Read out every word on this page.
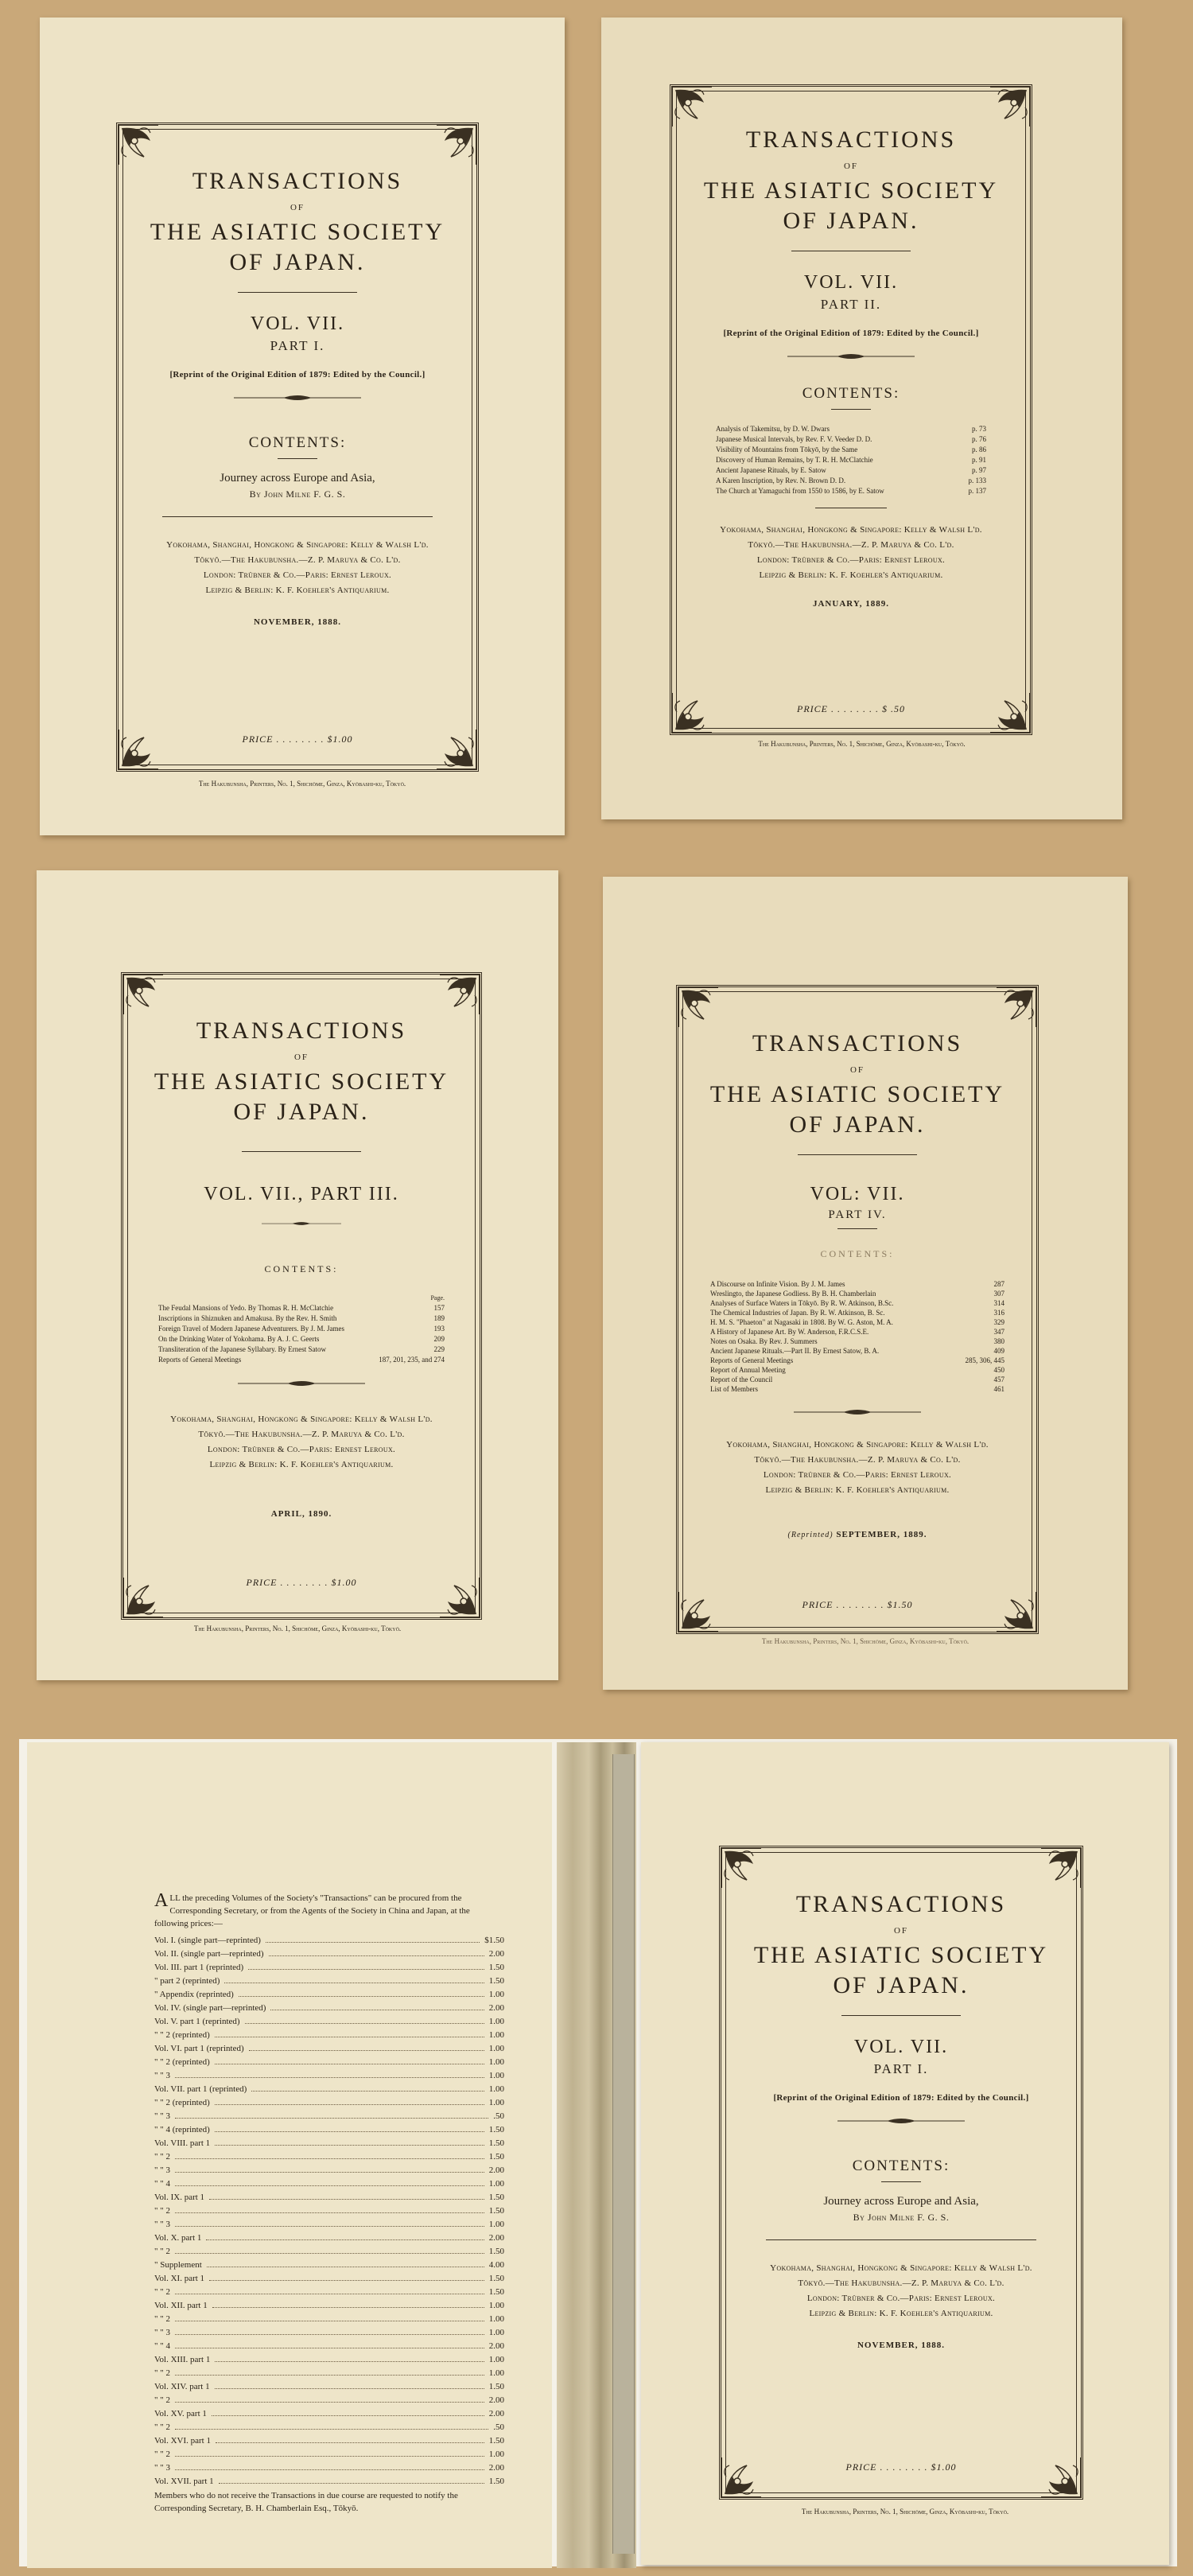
TRANSACTIONS
OF
THE ASIATIC SOCIETY
OF JAPAN.
VOL. VII.
PART I.
[Reprint of the Original Edition of 1879: Edited by the Council.]
CONTENTS:
Journey across Europe and Asia,
By John Milne F. G. S.
Yokohama, Shanghai, Hongkong & Singapore: Kelly & Walsh L'd.
Tōkyō.—The Hakubunsha.—Z. P. Maruya & Co. L'd.
London: Trübner & Co.—Paris: Ernest Leroux.
Leipzig & Berlin: K. F. Koehler's Antiquarium.
NOVEMBER, 1888.
PRICE . . . . . . . . $1.00
The Hakubunsha, Printers, No. 1, Shichōme, Ginza, Kyōbashi-ku, Tōkyō.
TRANSACTIONS
OF
THE ASIATIC SOCIETY
OF JAPAN.
VOL. VII.
PART II.
[Reprint of the Original Edition of 1879: Edited by the Council.]
CONTENTS:
Analysis of Takemitsu, by D. W. Dwars	p. 73
Japanese Musical Intervals, by Rev. F. V. Veeder D. D.	p. 76
Visibility of Mountains from Tōkyō, by the Same	p. 86
Discovery of Human Remains, by T. R. H. McClatchie	p. 91
Ancient Japanese Rituals, by E. Satow	p. 97
A Karen Inscription, by Rev. N. Brown D. D.	p. 133
The Church at Yamaguchi from 1550 to 1586, by E. Satow	p. 137
Yokohama, Shanghai, Hongkong & Singapore: Kelly & Walsh L'd.
Tōkyō.—The Hakubunsha.—Z. P. Maruya & Co. L'd.
London: Trübner & Co.—Paris: Ernest Leroux.
Leipzig & Berlin: K. F. Koehler's Antiquarium.
JANUARY, 1889.
PRICE . . . . . . . . $ .50
The Hakubunsha, Printers, No. 1, Shichōme, Ginza, Kyōbashi-ku, Tōkyō.
TRANSACTIONS
OF
THE ASIATIC SOCIETY
OF JAPAN.
VOL. VII., PART III.
CONTENTS:
Page.
The Feudal Mansions of Yedo. By Thomas R. H. McClatchie	157
Inscriptions in Shiznuken and Amakusa. By the Rev. H. Smith	189
Foreign Travel of Modern Japanese Adventurers. By J. M. James	193
On the Drinking Water of Yokohama. By A. J. C. Geerts	209
Transliteration of the Japanese Syllabary. By Ernest Satow	229
Reports of General Meetings	187, 201, 235, and 274
Yokohama, Shanghai, Hongkong & Singapore: Kelly & Walsh L'd.
Tōkyō.—The Hakubunsha.—Z. P. Maruya & Co. L'd.
London: Trübner & Co.—Paris: Ernest Leroux.
Leipzig & Berlin: K. F. Koehler's Antiquarium.
APRIL, 1890.
PRICE . . . . . . . . $1.00
The Hakubunsha, Printers, No. 1, Shichōme, Ginza, Kyōbashi-ku, Tōkyō.
TRANSACTIONS
OF
THE ASIATIC SOCIETY
OF JAPAN.
VOL: VII.
PART IV.
CONTENTS:
A Discourse on Infinite Vision. By J. M. James	287
Wreslingto, the Japanese Godliess. By B. H. Chamberlain	307
Analyses of Surface Waters in Tōkyō. By R. W. Atkinson, B.Sc.	314
The Chemical Industries of Japan. By R. W. Atkinson, B. Sc.	316
H. M. S. "Phaeton" at Nagasaki in 1808. By W. G. Aston, M. A.	329
A History of Japanese Art. By W. Anderson, F.R.C.S.E.	347
Notes on Osaka. By Rev. J. Summers	380
Ancient Japanese Rituals.—Part II. By Ernest Satow, B. A.	409
Reports of General Meetings	285, 306, 445
Report of Annual Meeting	450
Report of the Council	457
List of Members	461
Yokohama, Shanghai, Hongkong & Singapore: Kelly & Walsh L'd.
Tōkyō.—The Hakubunsha.—Z. P. Maruya & Co. L'd.
London: Trübner & Co.—Paris: Ernest Leroux.
Leipzig & Berlin: K. F. Koehler's Antiquarium.
(Reprinted) SEPTEMBER, 1889.
PRICE . . . . . . . . $1.50
The Hakubunsha, Printers, No. 1, Shichōme, Ginza, Kyōbashi-ku, Tōkyō.
ALL the preceding Volumes of the Society's "Transactions" can be procured from the Corresponding Secretary, or from the Agents of the Society in China and Japan, at the following prices:—
Vol. I. (single part—reprinted)	$1.50
Vol. II. (single part—reprinted)	2.00
Vol. III. part 1 (reprinted)	1.50
" part 2 (reprinted)	1.50
" Appendix (reprinted)	1.00
Vol. IV. (single part—reprinted)	2.00
Vol. V. part 1 (reprinted)	1.00
" " 2 (reprinted)	1.00
Vol. VI. part 1 (reprinted)	1.00
" " 2 (reprinted)	1.00
" " 3	1.00
Vol. VII. part 1 (reprinted)	1.00
" " 2 (reprinted)	1.00
" " 3	.50
" " 4 (reprinted)	1.50
Vol. VIII. part 1	1.50
" " 2	1.50
" " 3	2.00
" " 4	1.00
Vol. IX. part 1	1.50
" " 2	1.50
" " 3	1.00
Vol. X. part 1	2.00
" " 2	1.50
" Supplement	4.00
Vol. XI. part 1	1.50
" " 2	1.50
Vol. XII. part 1	1.00
" " 2	1.00
" " 3	1.00
" " 4	2.00
Vol. XIII. part 1	1.00
" " 2	1.00
Vol. XIV. part 1	1.50
" " 2	2.00
Vol. XV. part 1	2.00
" " 2	.50
Vol. XVI. part 1	1.50
" " 2	1.00
" " 3	2.00
Vol. XVII. part 1	1.50
Members who do not receive the Transactions in due course are requested to notify the Corresponding Secretary, B. H. Chamberlain Esq., Tōkyō.
TRANSACTIONS
OF
THE ASIATIC SOCIETY
OF JAPAN.
VOL. VII.
PART I.
[Reprint of the Original Edition of 1879: Edited by the Council.]
CONTENTS:
Journey across Europe and Asia,
By John Milne F. G. S.
Yokohama, Shanghai, Hongkong & Singapore: Kelly & Walsh L'd.
Tōkyō.—The Hakubunsha.—Z. P. Maruya & Co. L'd.
London: Trübner & Co.—Paris: Ernest Leroux.
Leipzig & Berlin: K. F. Koehler's Antiquarium.
NOVEMBER, 1888.
PRICE . . . . . . . . $1.00
The Hakubunsha, Printers, No. 1, Shichōme, Ginza, Kyōbashi-ku, Tōkyō.
